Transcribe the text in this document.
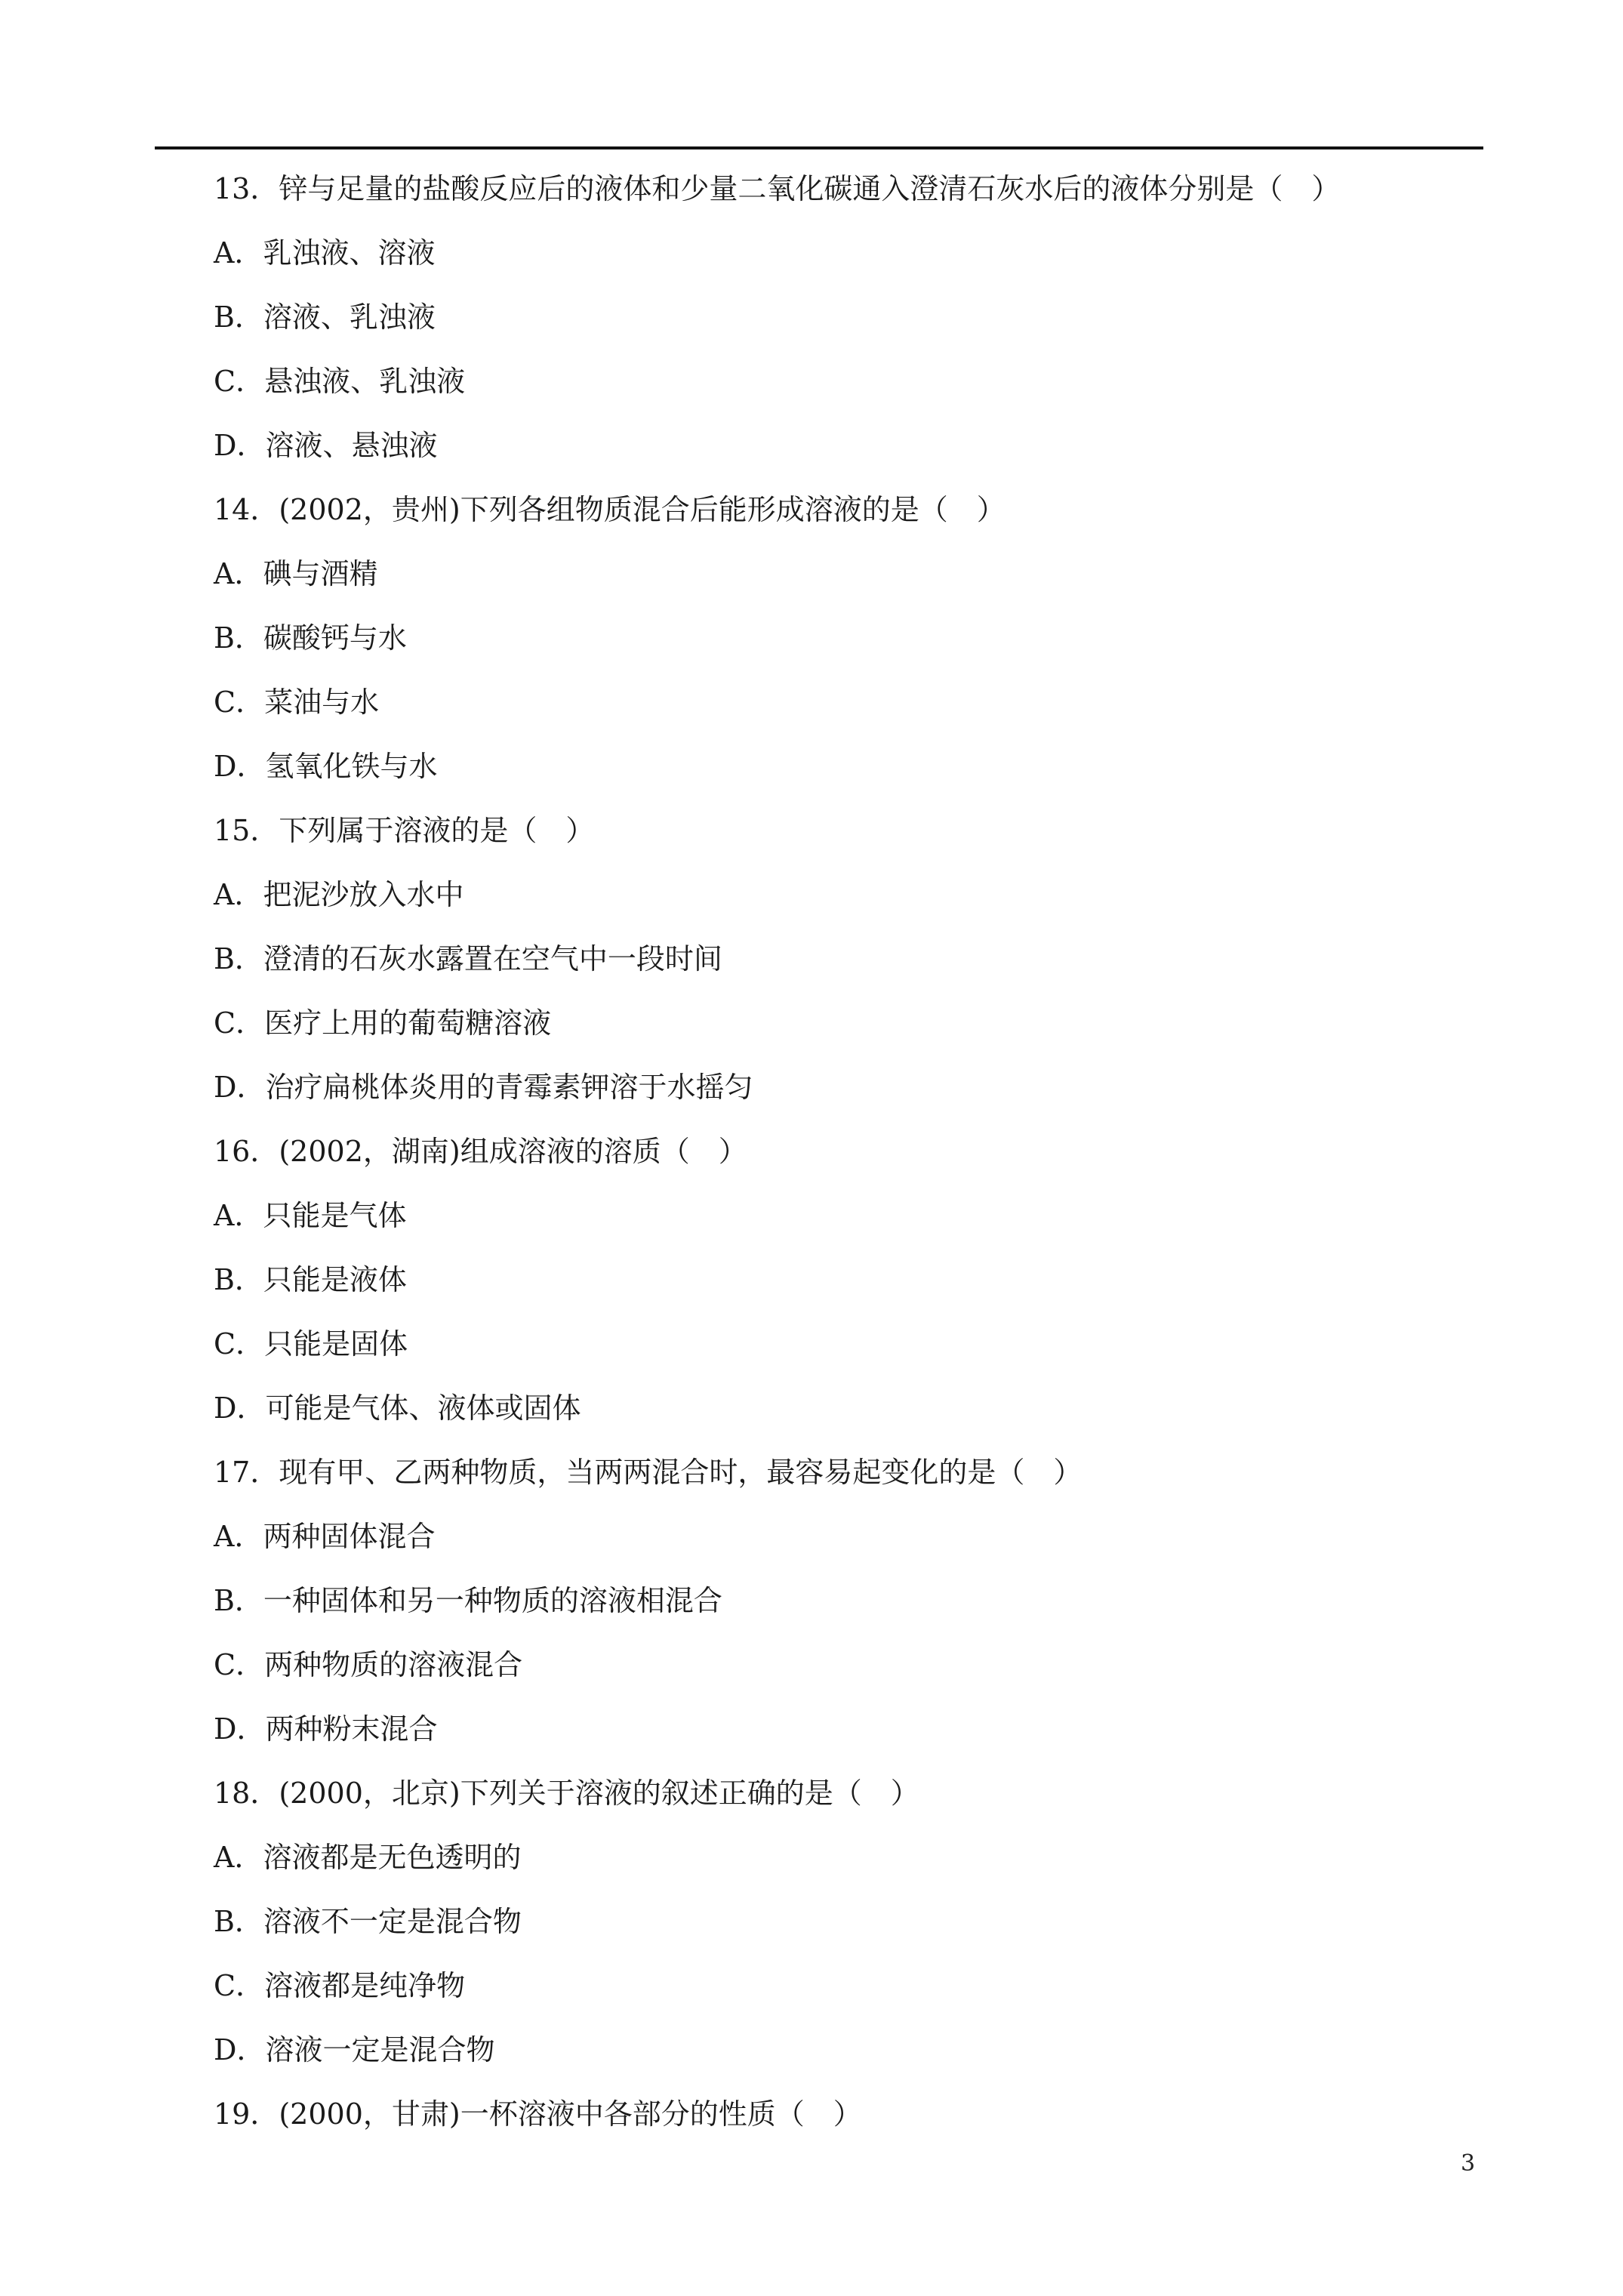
13．锌与足量的盐酸反应后的液体和少量二氧化碳通入澄清石灰水后的液体分别是（　）
A．乳浊液、溶液
B．溶液、乳浊液
C．悬浊液、乳浊液
D．溶液、悬浊液
14．(2002，贵州)下列各组物质混合后能形成溶液的是（　）
A．碘与酒精
B．碳酸钙与水
C．菜油与水
D．氢氧化铁与水
15．下列属于溶液的是（　）
A．把泥沙放入水中
B．澄清的石灰水露置在空气中一段时间
C．医疗上用的葡萄糖溶液
D．治疗扁桃体炎用的青霉素钾溶于水摇匀
16．(2002，湖南)组成溶液的溶质（　）
A．只能是气体
B．只能是液体
C．只能是固体
D．可能是气体、液体或固体
17．现有甲、乙两种物质，当两两混合时，最容易起变化的是（　）
A．两种固体混合
B．一种固体和另一种物质的溶液相混合
C．两种物质的溶液混合
D．两种粉末混合
18．(2000，北京)下列关于溶液的叙述正确的是（　）
A．溶液都是无色透明的
B．溶液不一定是混合物
C．溶液都是纯净物
D．溶液一定是混合物
19．(2000，甘肃)一杯溶液中各部分的性质（　）
3
